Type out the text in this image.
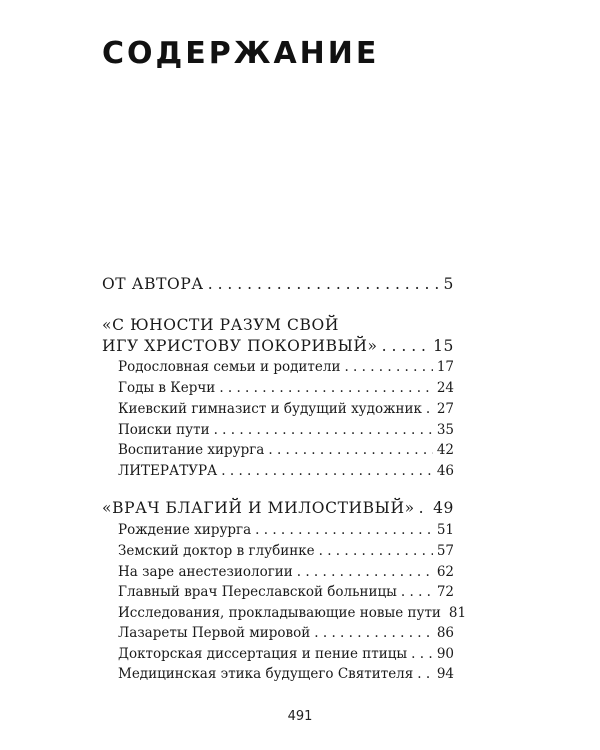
СОДЕРЖАНИЕ
ОТ АВТОРА . . .	5
«С ЮНОСТИ РАЗУМ СВОЙ
ИГУ ХРИСТОВУ ПОКОРИВЫЙ» . . .	15
Родословная семьи и родители . . .	17
Годы в Керчи . . .	24
Киевский гимназист и будущий художник . . . 27
Поиски пути . . .	35
Воспитание хирурга . . .	42
ЛИТЕРАТУРА . . .	46
«ВРАЧ БЛАГИЙ И МИЛОСТИВЫЙ» . . . 49
Рождение хирурга . . .	51
Земский доктор в глубинке . . .	57
На заре анестезиологии . . .	62
Главный врач Переславской больницы . . .	72
Исследования, прокладывающие новые пути 81
Лазареты Первой мировой . . .	86
Докторская диссертация и пение птицы . . . 90
Медицинская этика будущего Святителя . . . 94
491
